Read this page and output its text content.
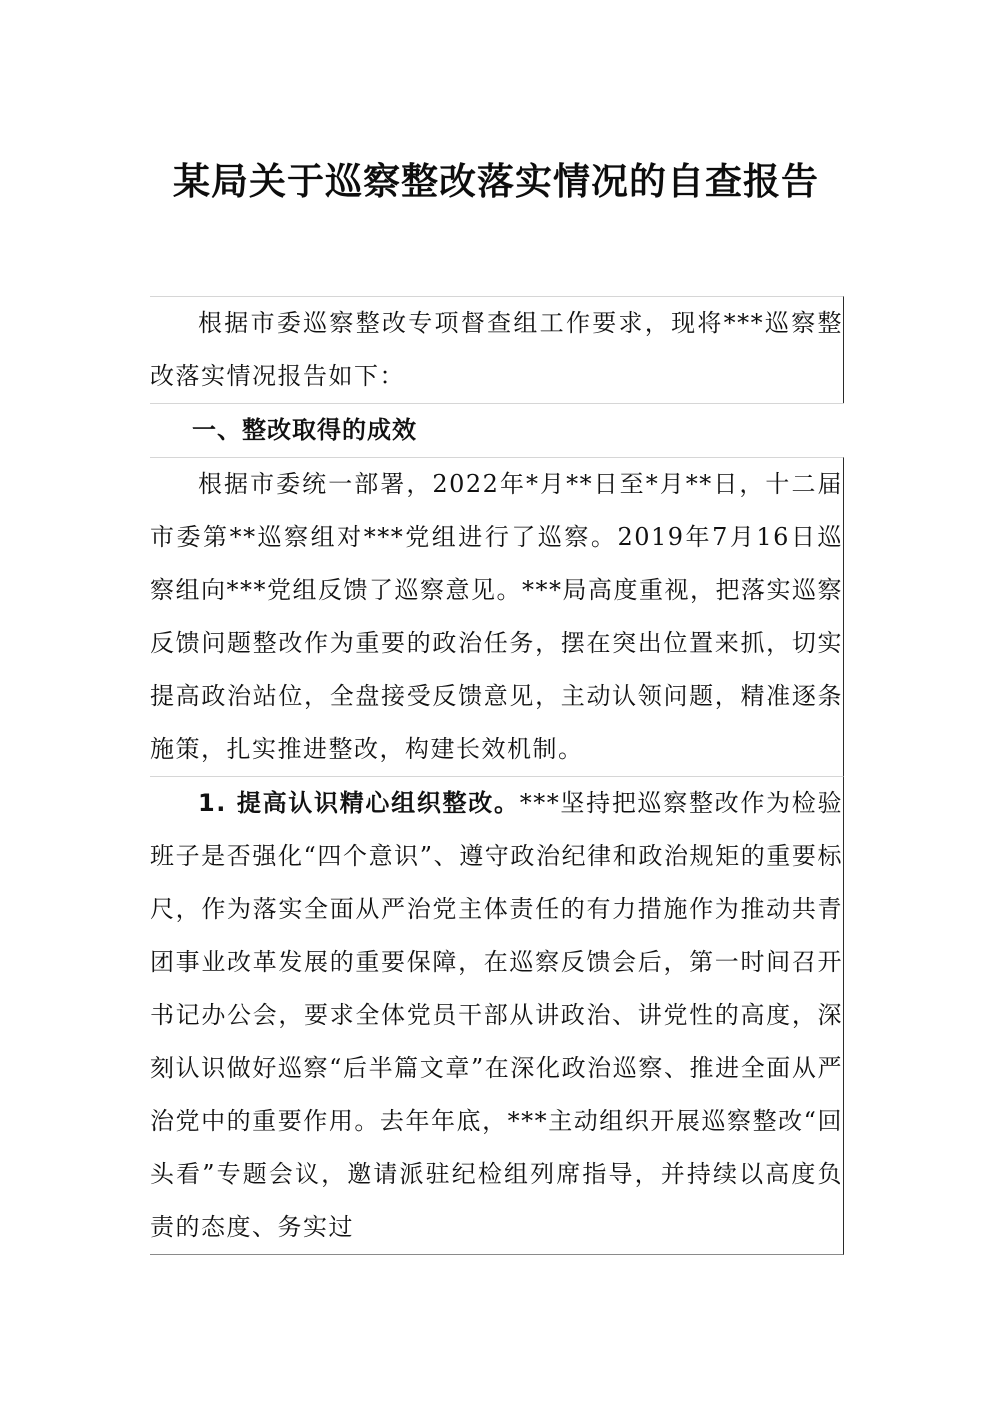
某局关于巡察整改落实情况的自查报告

根据市委巡察整改专项督查组工作要求，现将***巡察整改落实情况报告如下：

一、整改取得的成效

根据市委统一部署，2022年*月**日至*月**日，十二届市委第**巡察组对***党组进行了巡察。2019年7月16日巡察组向***党组反馈了巡察意见。***局高度重视，把落实巡察反馈问题整改作为重要的政治任务，摆在突出位置来抓，切实提高政治站位，全盘接受反馈意见，主动认领问题，精准逐条施策，扎实推进整改，构建长效机制。

1. 提高认识精心组织整改。***坚持把巡察整改作为检验班子是否强化“四个意识”、遵守政治纪律和政治规矩的重要标尺，作为落实全面从严治党主体责任的有力措施作为推动共青团事业改革发展的重要保障，在巡察反馈会后，第一时间召开书记办公会，要求全体党员干部从讲政治、讲党性的高度，深刻认识做好巡察“后半篇文章”在深化政治巡察、推进全面从严治党中的重要作用。去年年底，***主动组织开展巡察整改“回头看”专题会议，邀请派驻纪检组列席指导，并持续以高度负责的态度、务实过
